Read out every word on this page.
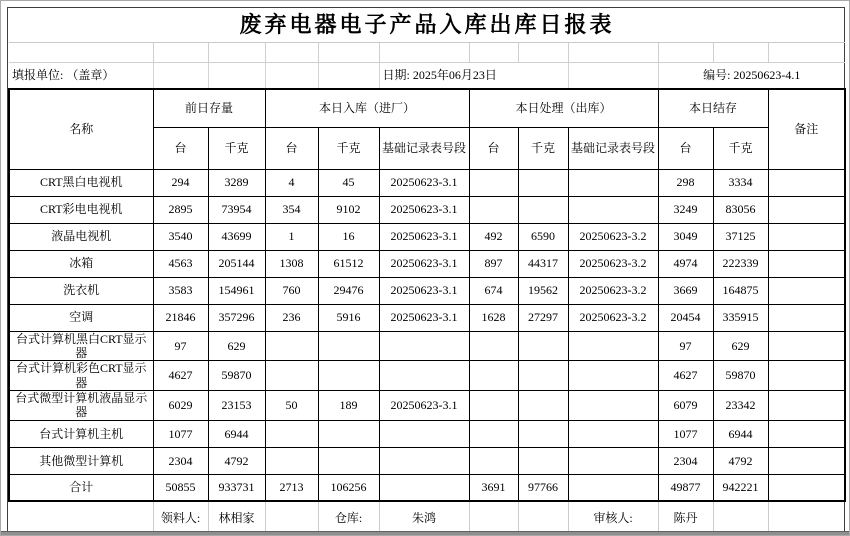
废弃电器电子产品入库出库日报表											

填报单位: （盖章）					日期: 2025年06月23日				编号: 20250623-4.1		
名称	前日存量		本日入库（进厂）			本日处理（出库）			本日结存		备注
	台	千克	台	千克	基础记录表号段	台	千克	基础记录表号段	台	千克	
CRT黑白电视机	294	3289	4	45	20250623-3.1				298	3334	
CRT彩电电视机	2895	73954	354	9102	20250623-3.1				3249	83056	
液晶电视机	3540	43699	1	16	20250623-3.1	492	6590	20250623-3.2	3049	37125	
冰箱	4563	205144	1308	61512	20250623-3.1	897	44317	20250623-3.2	4974	222339	
洗衣机	3583	154961	760	29476	20250623-3.1	674	19562	20250623-3.2	3669	164875	
空调	21846	357296	236	5916	20250623-3.1	1628	27297	20250623-3.2	20454	335915	
台式计算机黑白CRT显示器	97	629							97	629	
台式计算机彩色CRT显示器	4627	59870							4627	59870	
台式微型计算机液晶显示器	6029	23153	50	189	20250623-3.1				6079	23342	
台式计算机主机	1077	6944							1077	6944	
其他微型计算机	2304	4792							2304	4792	
合计	50855	933731	2713	106256		3691	97766		49877	942221	
	领料人:	林相家		仓库:	朱鸿			审核人:	陈丹		
